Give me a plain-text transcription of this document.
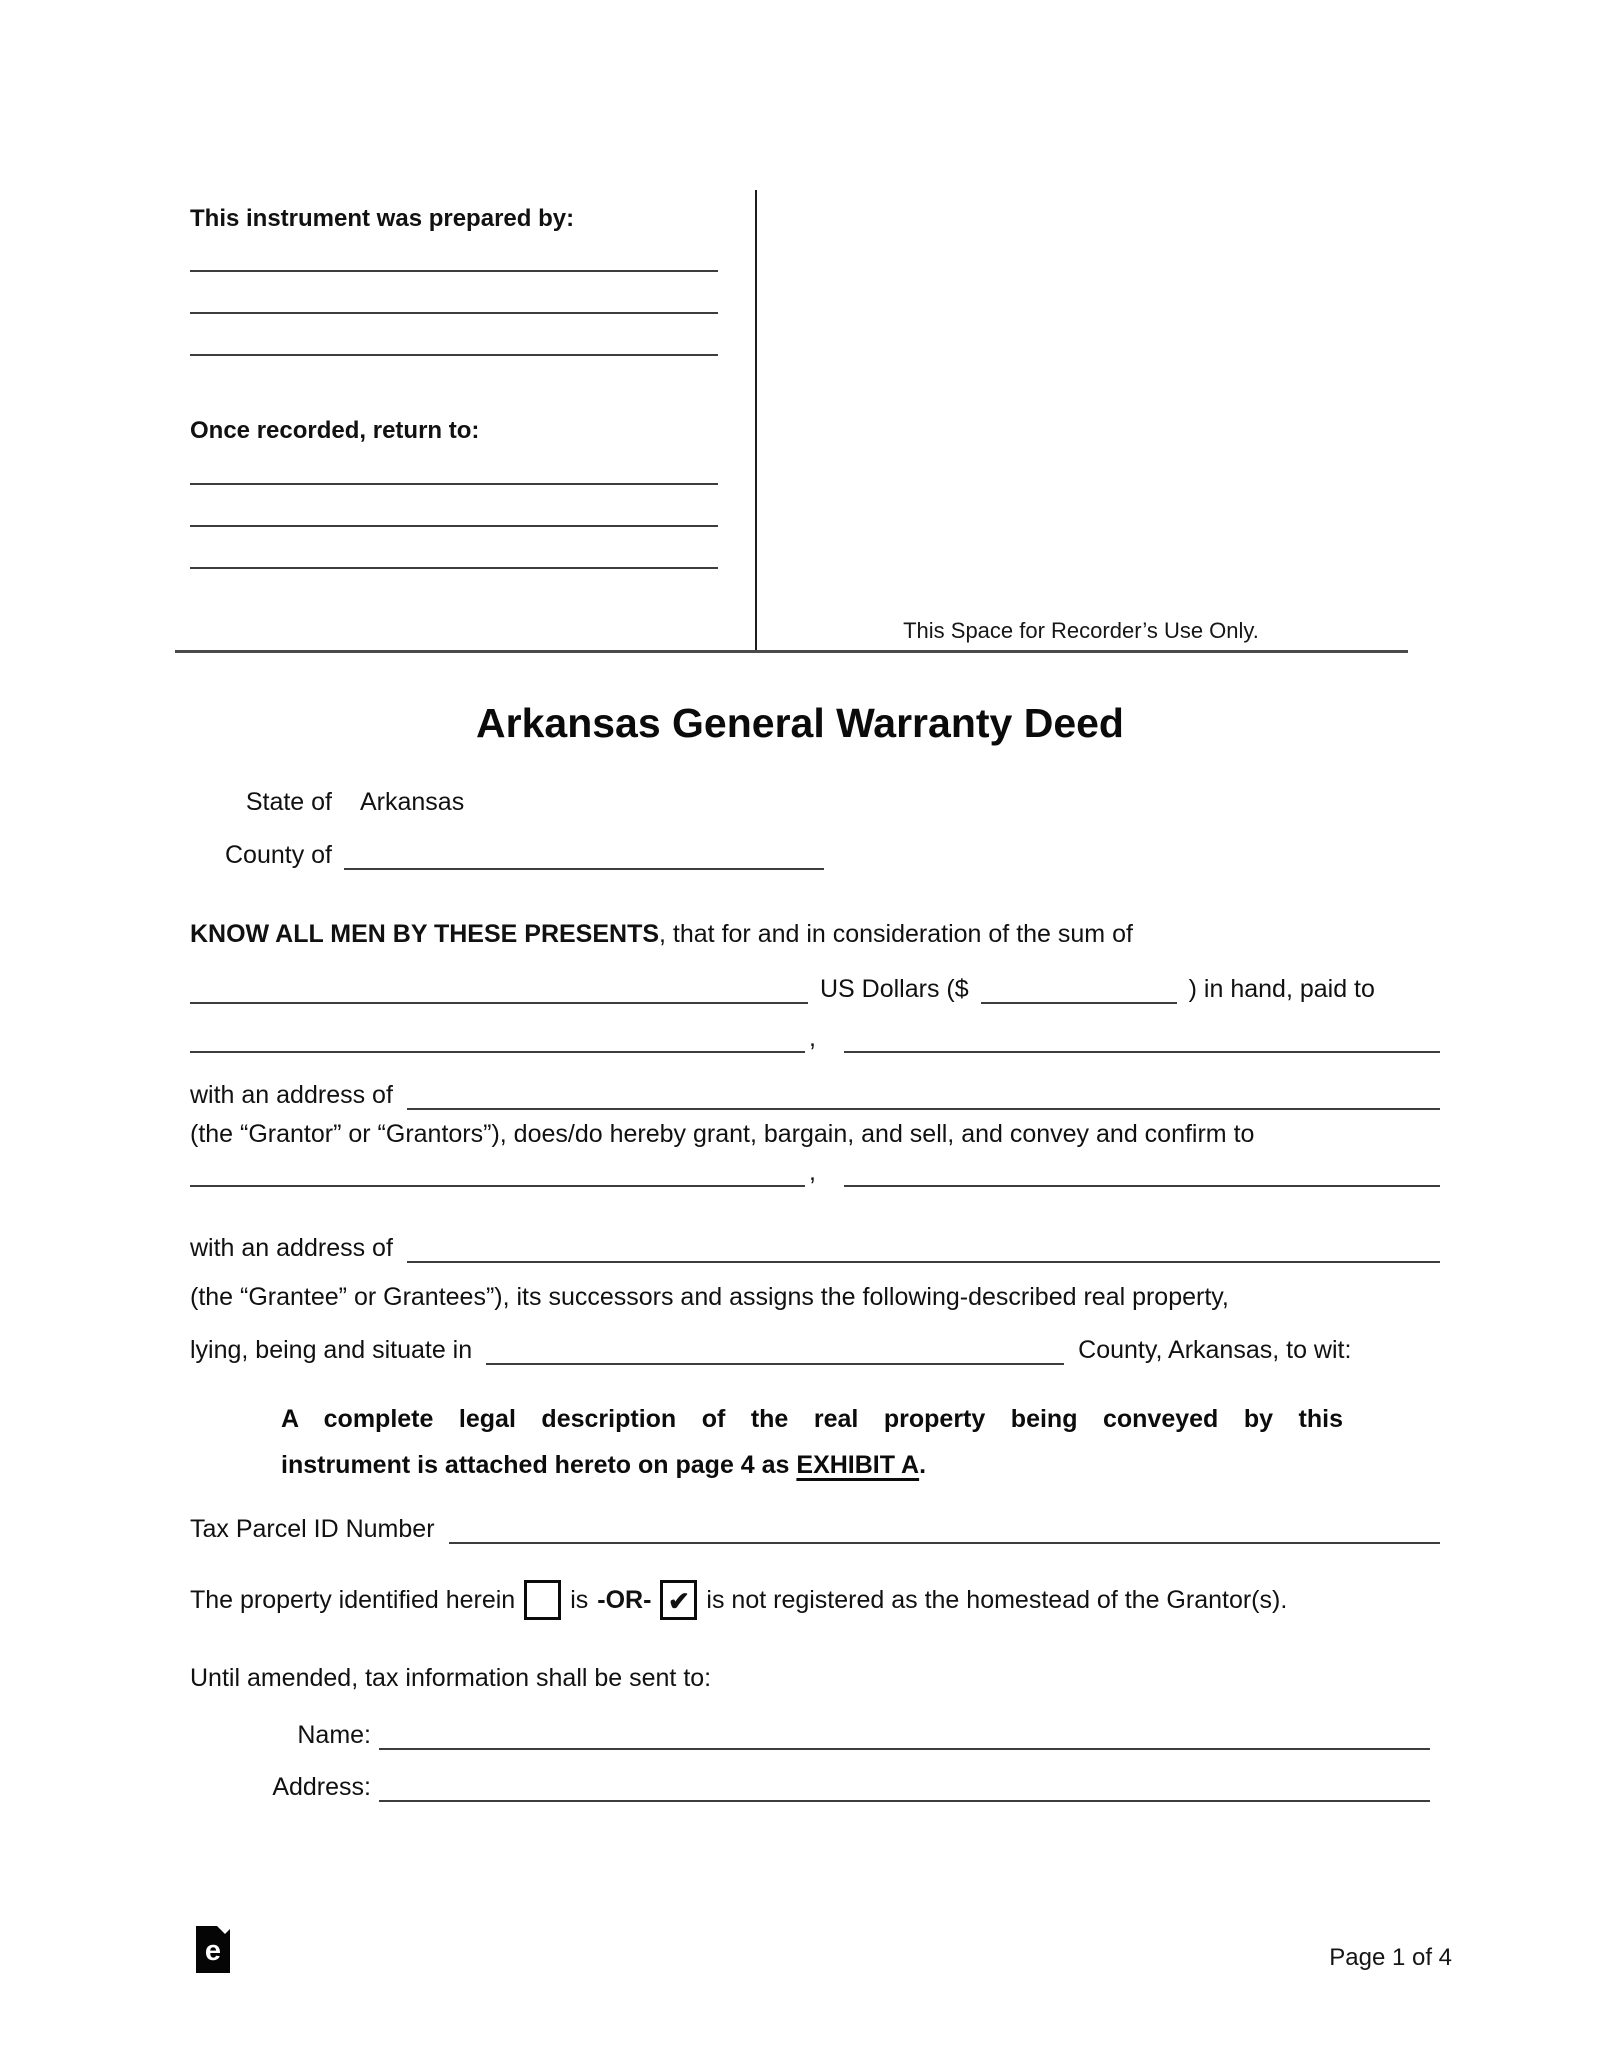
This instrument was prepared by:
Once recorded, return to:
This Space for Recorder’s Use Only.
Arkansas General Warranty Deed
State of Arkansas
County of
KNOW ALL MEN BY THESE PRESENTS, that for and in consideration of the sum of
US Dollars ($	) in hand, paid to
,
with an address of
(the “Grantor” or “Grantors”), does/do hereby grant, bargain, and sell, and convey and confirm to
,
with an address of
(the “Grantee” or Grantees”), its successors and assigns the following-described real property,
lying, being and situate in	County, Arkansas, to wit:
A complete legal description of the real property being conveyed by this
instrument is attached hereto on page 4 as EXHIBIT A.
Tax Parcel ID Number
The property identified herein is -OR- ✔ is not registered as the homestead of the Grantor(s).
Until amended, tax information shall be sent to:
Name:
Address:
e	Page 1 of 4
